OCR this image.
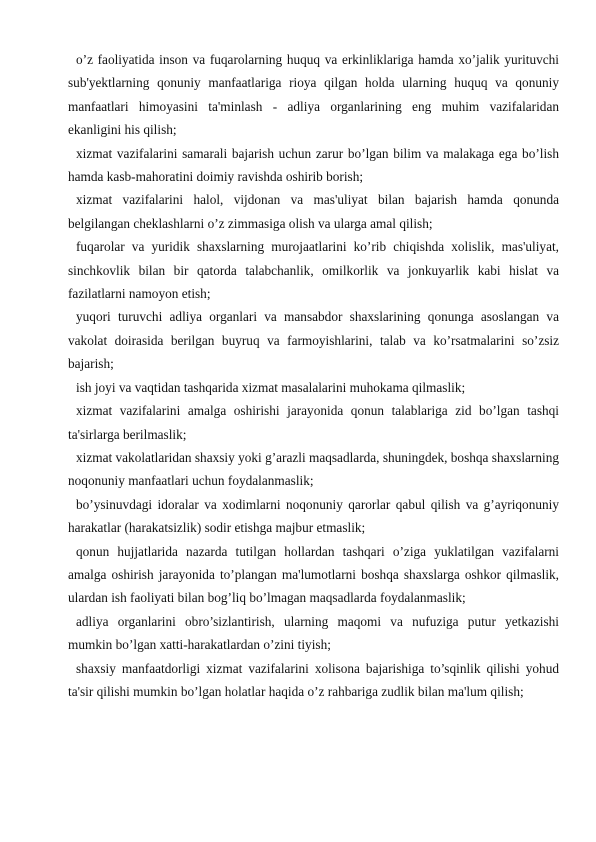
o’z faoliyatida inson va fuqarolarning huquq va erkinliklariga hamda xo’jalik yurituvchi sub'yektlarning qonuniy manfaatlariga rioya qilgan holda ularning huquq va qonuniy manfaatlari himoyasini ta'minlash - adliya organlarining eng muhim vazifalaridan ekanligini his qilish;

xizmat vazifalarini samarali bajarish uchun zarur bo’lgan bilim va malakaga ega bo’lish hamda kasb-mahoratini doimiy ravishda oshirib borish;

xizmat vazifalarini halol, vijdonan va mas'uliyat bilan bajarish hamda qonunda belgilangan cheklashlarni o’z zimmasiga olish va ularga amal qilish;

fuqarolar va yuridik shaxslarning murojaatlarini ko’rib chiqishda xolislik, mas'uliyat, sinchkovlik bilan bir qatorda talabchanlik, omilkorlik va jonkuyarlik kabi hislat va fazilatlarni namoyon etish;

yuqori turuvchi adliya organlari va mansabdor shaxslarining qonunga asoslangan va vakolat doirasida berilgan buyruq va farmoyishlarini, talab va ko’rsatmalarini so’zsiz bajarish;

ish joyi va vaqtidan tashqarida xizmat masalalarini muhokama qilmaslik;

xizmat vazifalarini amalga oshirishi jarayonida qonun talablariga zid bo’lgan tashqi ta'sirlarga berilmaslik;

xizmat vakolatlaridan shaxsiy yoki g’arazli maqsadlarda, shuningdek, boshqa shaxslarning noqonuniy manfaatlari uchun foydalanmaslik;

bo’ysinuvdagi idoralar va xodimlarni noqonuniy qarorlar qabul qilish va g’ayriqonuniy harakatlar (harakatsizlik) sodir etishga majbur etmaslik;

qonun hujjatlarida nazarda tutilgan hollardan tashqari o’ziga yuklatilgan vazifalarni amalga oshirish jarayonida to’plangan ma'lumotlarni boshqa shaxslarga oshkor qilmaslik, ulardan ish faoliyati bilan bog’liq bo’lmagan maqsadlarda foydalanmaslik;

adliya organlarini obro’sizlantirish, ularning maqomi va nufuziga putur yetkazishi mumkin bo’lgan xatti-harakatlardan o’zini tiyish;

shaxsiy manfaatdorligi xizmat vazifalarini xolisona bajarishiga to’sqinlik qilishi yohud ta'sir qilishi mumkin bo’lgan holatlar haqida o’z rahbariga zudlik bilan ma'lum qilish;
